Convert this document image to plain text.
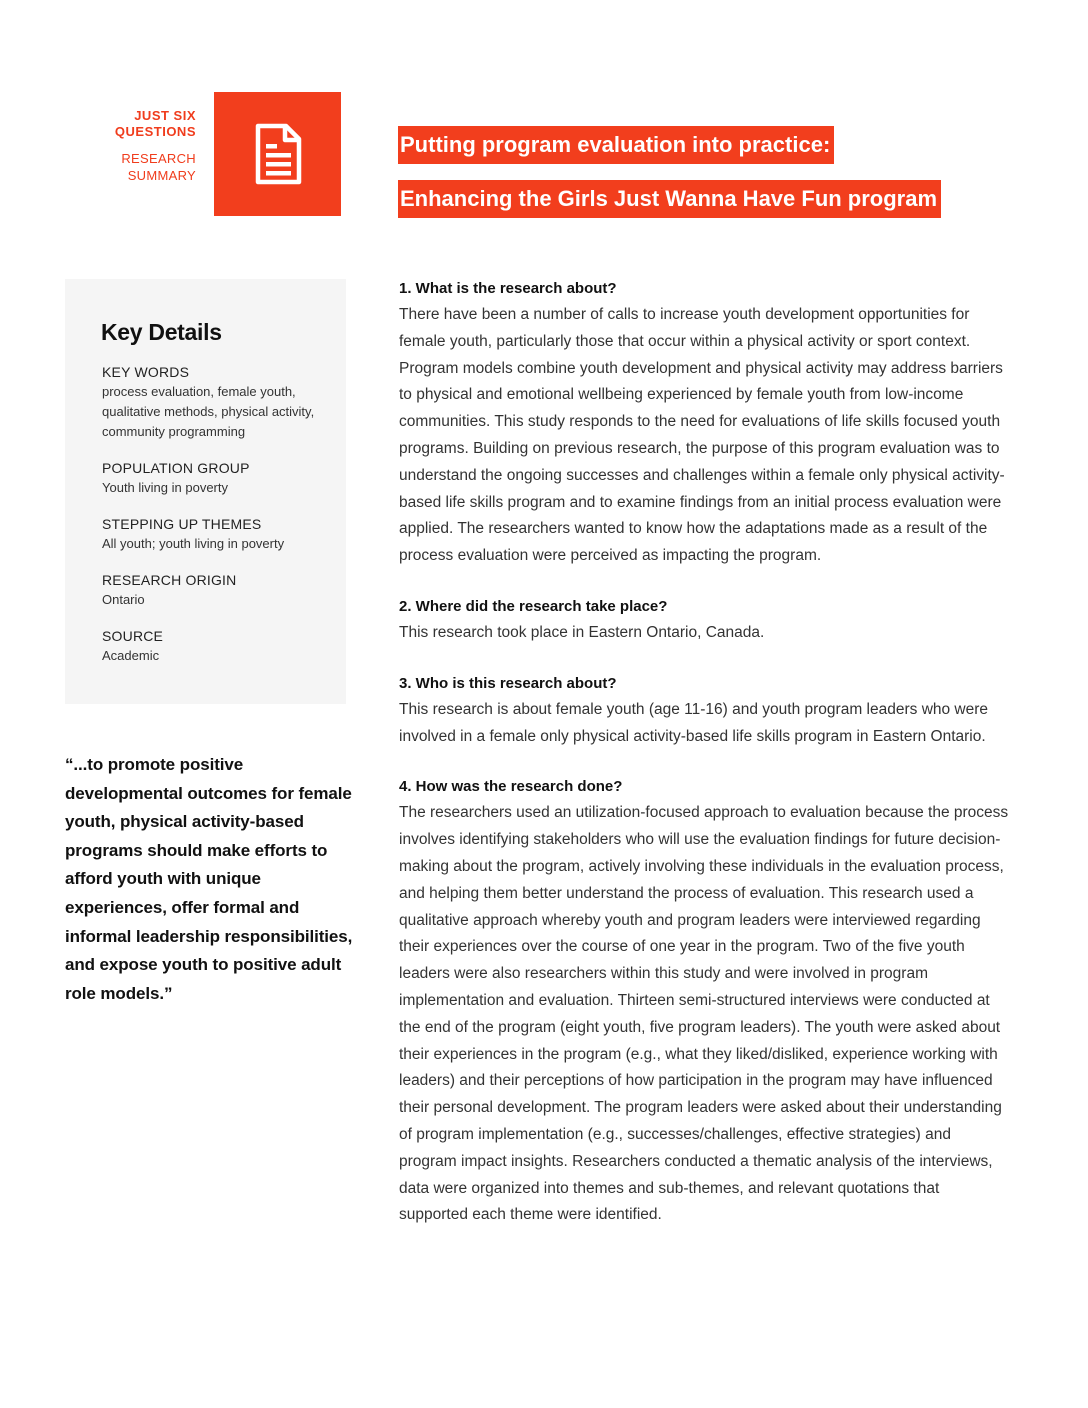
JUST SIX
QUESTIONS
RESEARCH
SUMMARY
Putting program evaluation into practice:
Enhancing the Girls Just Wanna Have Fun program
Key Details
KEY WORDS
process evaluation, female youth, qualitative methods, physical activity, community programming
POPULATION GROUP
Youth living in poverty
STEPPING UP THEMES
All youth; youth living in poverty
RESEARCH ORIGIN
Ontario
SOURCE
Academic
“...to promote positive developmental outcomes for female youth, physical activity-based programs should make efforts to afford youth with unique experiences, offer formal and informal leadership responsibilities, and expose youth to positive adult role models.”
1. What is the research about?
There have been a number of calls to increase youth development opportunities for female youth, particularly those that occur within a physical activity or sport context. Program models combine youth development and physical activity may address barriers to physical and emotional wellbeing experienced by female youth from low-income communities. This study responds to the need for evaluations of life skills focused youth programs. Building on previous research, the purpose of this program evaluation was to understand the ongoing successes and challenges within a female only physical activity-based life skills program and to examine findings from an initial process evaluation were applied. The researchers wanted to know how the adaptations made as a result of the process evaluation were perceived as impacting the program.
2. Where did the research take place?
This research took place in Eastern Ontario, Canada.
3. Who is this research about?
This research is about female youth (age 11-16) and youth program leaders who were involved in a female only physical activity-based life skills program in Eastern Ontario.
4. How was the research done?
The researchers used an utilization-focused approach to evaluation because the process involves identifying stakeholders who will use the evaluation findings for future decision-making about the program, actively involving these individuals in the evaluation process, and helping them better understand the process of evaluation. This research used a qualitative approach whereby youth and program leaders were interviewed regarding their experiences over the course of one year in the program. Two of the five youth leaders were also researchers within this study and were involved in program implementation and evaluation. Thirteen semi-structured interviews were conducted at the end of the program (eight youth, five program leaders). The youth were asked about their experiences in the program (e.g., what they liked/disliked, experience working with leaders) and their perceptions of how participation in the program may have influenced their personal development. The program leaders were asked about their understanding of program implementation (e.g., successes/challenges, effective strategies) and program impact insights. Researchers conducted a thematic analysis of the interviews, data were organized into themes and sub-themes, and relevant quotations that supported each theme were identified.
